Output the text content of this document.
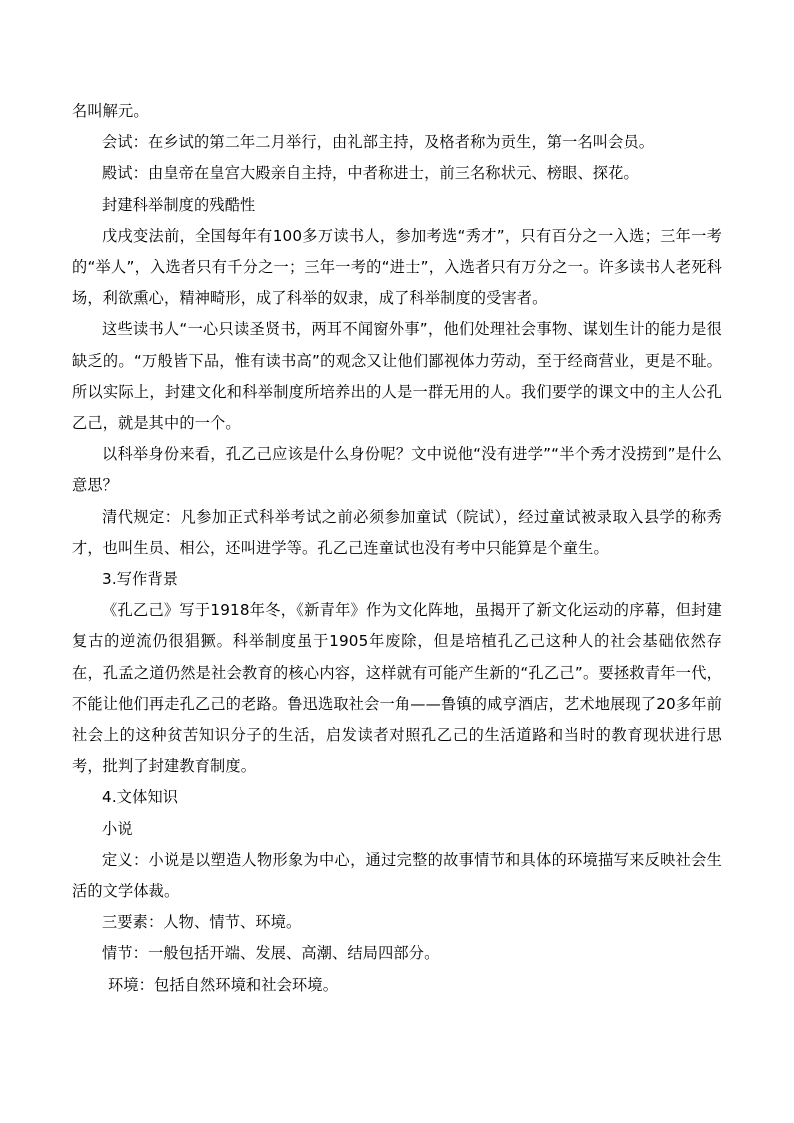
名叫解元。

会试：在乡试的第二年二月举行，由礼部主持，及格者称为贡生，第一名叫会员。

殿试：由皇帝在皇宫大殿亲自主持，中者称进士，前三名称状元、榜眼、探花。

封建科举制度的残酷性

戊戌变法前，全国每年有100多万读书人，参加考选“秀才”，只有百分之一入选；三年一考的“举人”，入选者只有千分之一；三年一考的“进士”，入选者只有万分之一。许多读书人老死科场，利欲熏心，精神畸形，成了科举的奴隶，成了科举制度的受害者。

这些读书人“一心只读圣贤书，两耳不闻窗外事”，他们处理社会事物、谋划生计的能力是很缺乏的。“万般皆下品，惟有读书高”的观念又让他们鄙视体力劳动，至于经商营业，更是不耻。所以实际上，封建文化和科举制度所培养出的人是一群无用的人。我们要学的课文中的主人公孔乙己，就是其中的一个。

以科举身份来看，孔乙己应该是什么身份呢？文中说他“没有进学”“半个秀才没捞到”是什么意思？

清代规定：凡参加正式科举考试之前必须参加童试（院试），经过童试被录取入县学的称秀才，也叫生员、相公，还叫进学等。孔乙己连童试也没有考中只能算是个童生。

3.写作背景

《孔乙己》写于1918年冬，《新青年》作为文化阵地，虽揭开了新文化运动的序幕，但封建复古的逆流仍很猖獗。科举制度虽于1905年废除，但是培植孔乙己这种人的社会基础依然存在，孔孟之道仍然是社会教育的核心内容，这样就有可能产生新的“孔乙己”。要拯救青年一代，不能让他们再走孔乙己的老路。鲁迅选取社会一角——鲁镇的咸亨酒店，艺术地展现了20多年前社会上的这种贫苦知识分子的生活，启发读者对照孔乙己的生活道路和当时的教育现状进行思考，批判了封建教育制度。

4.文体知识

小说

定义：小说是以塑造人物形象为中心，通过完整的故事情节和具体的环境描写来反映社会生活的文学体裁。

三要素：人物、情节、环境。

情节：一般包括开端、发展、高潮、结局四部分。

环境：包括自然环境和社会环境。
